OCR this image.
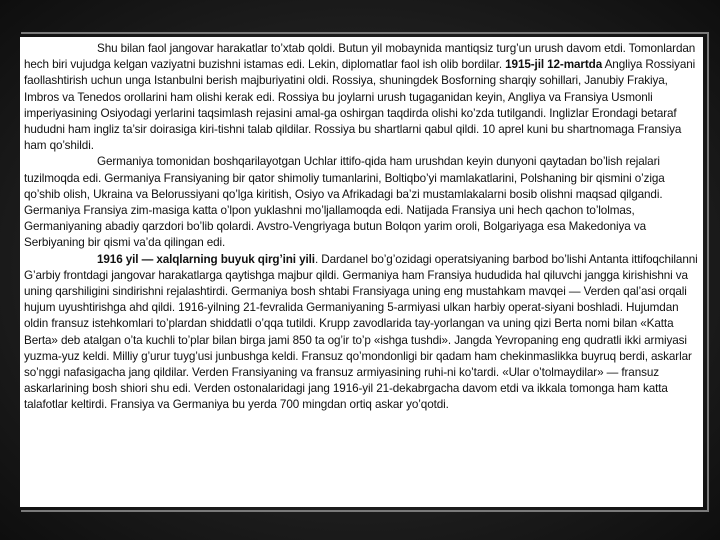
Shu bilan faol jangovar harakatlar to’xtab qoldi. Butun yil mobaynida mantiqsiz turg’un urush davom etdi. Tomonlardan hech biri vujudga kelgan vaziyatni buzishni istamas edi. Lekin, diplomatlar faol ish olib bordilar. 1915-jil 12-martda Angliya Rossiyani faollashtirish uchun unga Istanbulni berish majburiyatini oldi. Rossiya, shuningdek Bosforning sharqiy sohillari, Janubiy Frakiya, Imbros va Tenedos orollarini ham olishi kerak edi. Rossiya bu joylarni urush tugaganidan keyin, Angliya va Fransiya Usmonli imperiyasining Osiyodagi yerlarini taqsimlash rejasini amal-ga oshirgan taqdirda olishi ko’zda tutilgandi. Inglizlar Erondagi betaraf hududni ham ingliz ta’sir doirasiga kiri-tishni talab qildilar. Rossiya bu shartlarni qabul qildi. 10 aprel kuni bu shartnomaga Fransiya ham qo’shildi.

Germaniya tomonidan boshqarilayotgan Uchlar ittifo-qida ham urushdan keyin dunyoni qaytadan bo’lish rejalari tuzilmoqda edi. Germaniya Fransiyaning bir qator shimoliy tumanlarini, Boltiqbo’yi mamlakatlarini, Polshaning bir qismini o’ziga qo’shib olish, Ukraina va Belorussiyani qo’lga kiritish, Osiyo va Afrikadagi ba’zi mustamlakalarni bosib olishni maqsad qilgandi. Germaniya Fransiya zim-masiga katta o’lpon yuklashni mo’ljallamoqda edi. Natijada Fransiya uni hech qachon to’lolmas, Germaniyaning abadiy qarzdori bo’lib qolardi. Avstro-Vengriyaga butun Bolqon yarim oroli, Bolgariyaga esa Makedoniya va Serbiyaning bir qismi va’da qilingan edi.

1916 yil — xalqlarning buyuk qirg’ini yili. Dardanel bo’g’ozidagi operatsiyaning barbod bo’lishi Antanta ittifoqchilanni G’arbiy frontdagi jangovar harakatlarga qaytishga majbur qildi. Germaniya ham Fransiya hududida hal qiluvchi jangga kirishishni va uning qarshiligini sindirishni rejalashtirdi. Germaniya bosh shtabi Fransiyaga uning eng mustahkam mavqei — Verden qal’asi orqali hujum uyushtirishga ahd qildi. 1916-yilning 21-fevralida Germaniyaning 5-armiyasi ulkan harbiy operat-siyani boshladi. Hujumdan oldin fransuz istehkomlari to’plardan shiddatli o’qqa tutildi. Krupp zavodlarida tay-yorlangan va uning qizi Berta nomi bilan «Katta Berta» deb atalgan o’ta kuchli to’plar bilan birga jami 850 ta og’ir to’p «ishga tushdi». Jangda Yevropaning eng qudratli ikki armiyasi yuzma-yuz keldi. Milliy g’urur tuyg’usi junbushga keldi. Fransuz qo’mondonligi bir qadam ham chekinmaslikka buyruq berdi, askarlar so’nggi nafasigacha jang qildilar. Verden Fransiyaning va fransuz armiyasining ruhi-ni ko’tardi. «Ular o’tolmaydilar» — fransuz askarlarining bosh shiori shu edi. Verden ostonalaridagi jang 1916-yil 21-dekabrgacha davom etdi va ikkala tomonga ham katta talafotlar keltirdi. Fransiya va Germaniya bu yerda 700 mingdan ortiq askar yo’qotdi.
